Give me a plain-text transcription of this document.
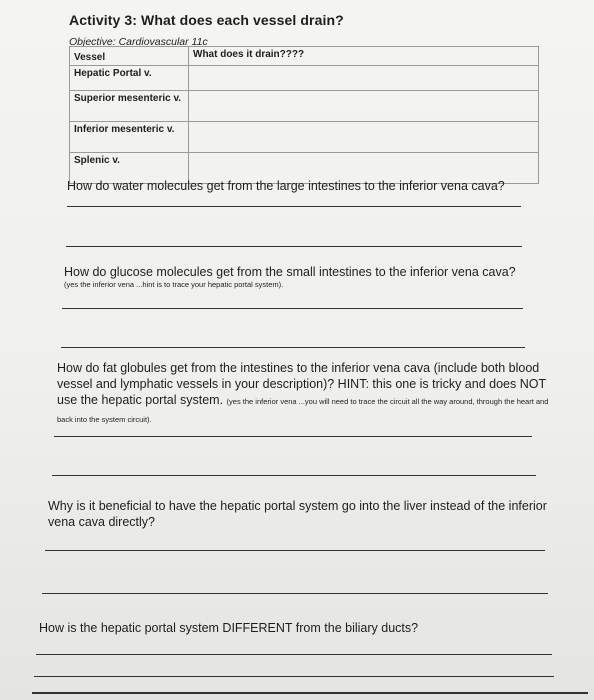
Activity 3: What does each vessel drain?
Objective: Cardiovascular 11c
Vessel	What does it drain????
Hepatic Portal v.	
Superior mesenteric v.	
Inferior mesenteric v.	
Splenic v.	
How do water molecules get from the large intestines to the inferior vena cava?
How do glucose molecules get from the small intestines to the inferior vena cava?
(yes the inferior vena ...hint is to trace your hepatic portal system).
How do fat globules get from the intestines to the inferior vena cava (include both blood vessel and lymphatic vessels in your description)? HINT: this one is tricky and does NOT use the hepatic portal system. (yes the inferior vena ...you will need to trace the circuit all the way around, through the heart and back into the system circuit).
Why is it beneficial to have the hepatic portal system go into the liver instead of the inferior vena cava directly?
How is the hepatic portal system DIFFERENT from the biliary ducts?
